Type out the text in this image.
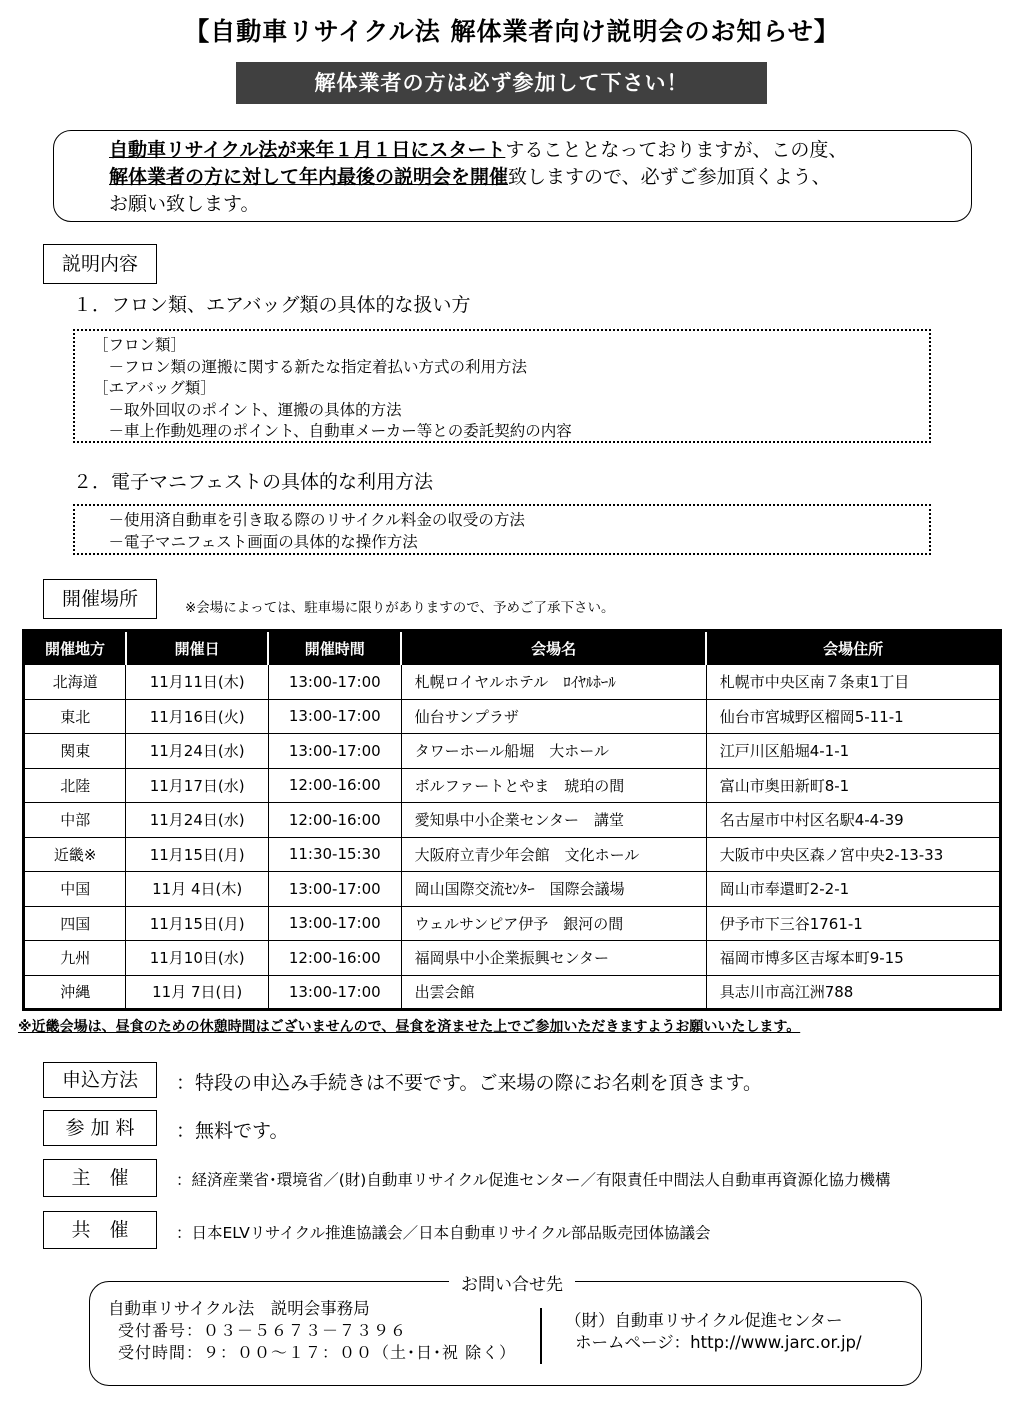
【自動車リサイクル法 解体業者向け説明会のお知らせ】
解体業者の方は必ず参加して下さい！
自動車リサイクル法が来年１月１日にスタートすることとなっておりますが、この度、
解体業者の方に対して年内最後の説明会を開催致しますので、必ずご参加頂くよう、
お願い致します。
説明内容
１．フロン類、エアバッグ類の具体的な扱い方
［フロン類］
　－フロン類の運搬に関する新たな指定着払い方式の利用方法
［エアバッグ類］
　－取外回収のポイント、運搬の具体的方法
　－車上作動処理のポイント、自動車メーカー等との委託契約の内容
２．電子マニフェストの具体的な利用方法
　－使用済自動車を引き取る際のリサイクル料金の収受の方法
　－電子マニフェスト画面の具体的な操作方法
開催場所	※会場によっては、駐車場に限りがありますので、予めご了承下さい。
開催地方	開催日	開催時間	会場名	会場住所
北海道	11月11日(木)	13:00-17:00	札幌ロイヤルホテル　ﾛｲﾔﾙﾎｰﾙ	札幌市中央区南７条東1丁目
東北	11月16日(火)	13:00-17:00	仙台サンプラザ	仙台市宮城野区榴岡5-11-1
関東	11月24日(水)	13:00-17:00	タワーホール船堀　大ホール	江戸川区船堀4-1-1
北陸	11月17日(水)	12:00-16:00	ボルファートとやま　琥珀の間	富山市奥田新町8-1
中部	11月24日(水)	12:00-16:00	愛知県中小企業センター　講堂	名古屋市中村区名駅4-4-39
近畿※	11月15日(月)	11:30-15:30	大阪府立青少年会館　文化ホール	大阪市中央区森ノ宮中央2-13-33
中国	11月 4日(木)	13:00-17:00	岡山国際交流ｾﾝﾀｰ　国際会議場	岡山市奉還町2-2-1
四国	11月15日(月)	13:00-17:00	ウェルサンピア伊予　銀河の間	伊予市下三谷1761-1
九州	11月10日(水)	12:00-16:00	福岡県中小企業振興センター	福岡市博多区吉塚本町9-15
沖縄	11月 7日(日)	13:00-17:00	出雲会館	具志川市高江洲788
※近畿会場は、昼食のための休憩時間はございませんので、昼食を済ませた上でご参加いただきますようお願いいたします。
申込方法	：特段の申込み手続きは不要です。ご来場の際にお名刺を頂きます。
参 加 料	：無料です。
主　催	：経済産業省･環境省／(財)自動車リサイクル促進センター／有限責任中間法人自動車再資源化協力機構
共　催	：日本ELVリサイクル推進協議会／日本自動車リサイクル部品販売団体協議会
自動車リサイクル法　説明会事務局
受付番号：０３－５６７３－７３９６
受付時間：９：００～１７：００（土･日･祝 除く）
（財）自動車リサイクル促進センター
ホームページ：http://www.jarc.or.jp/
お問い合せ先
